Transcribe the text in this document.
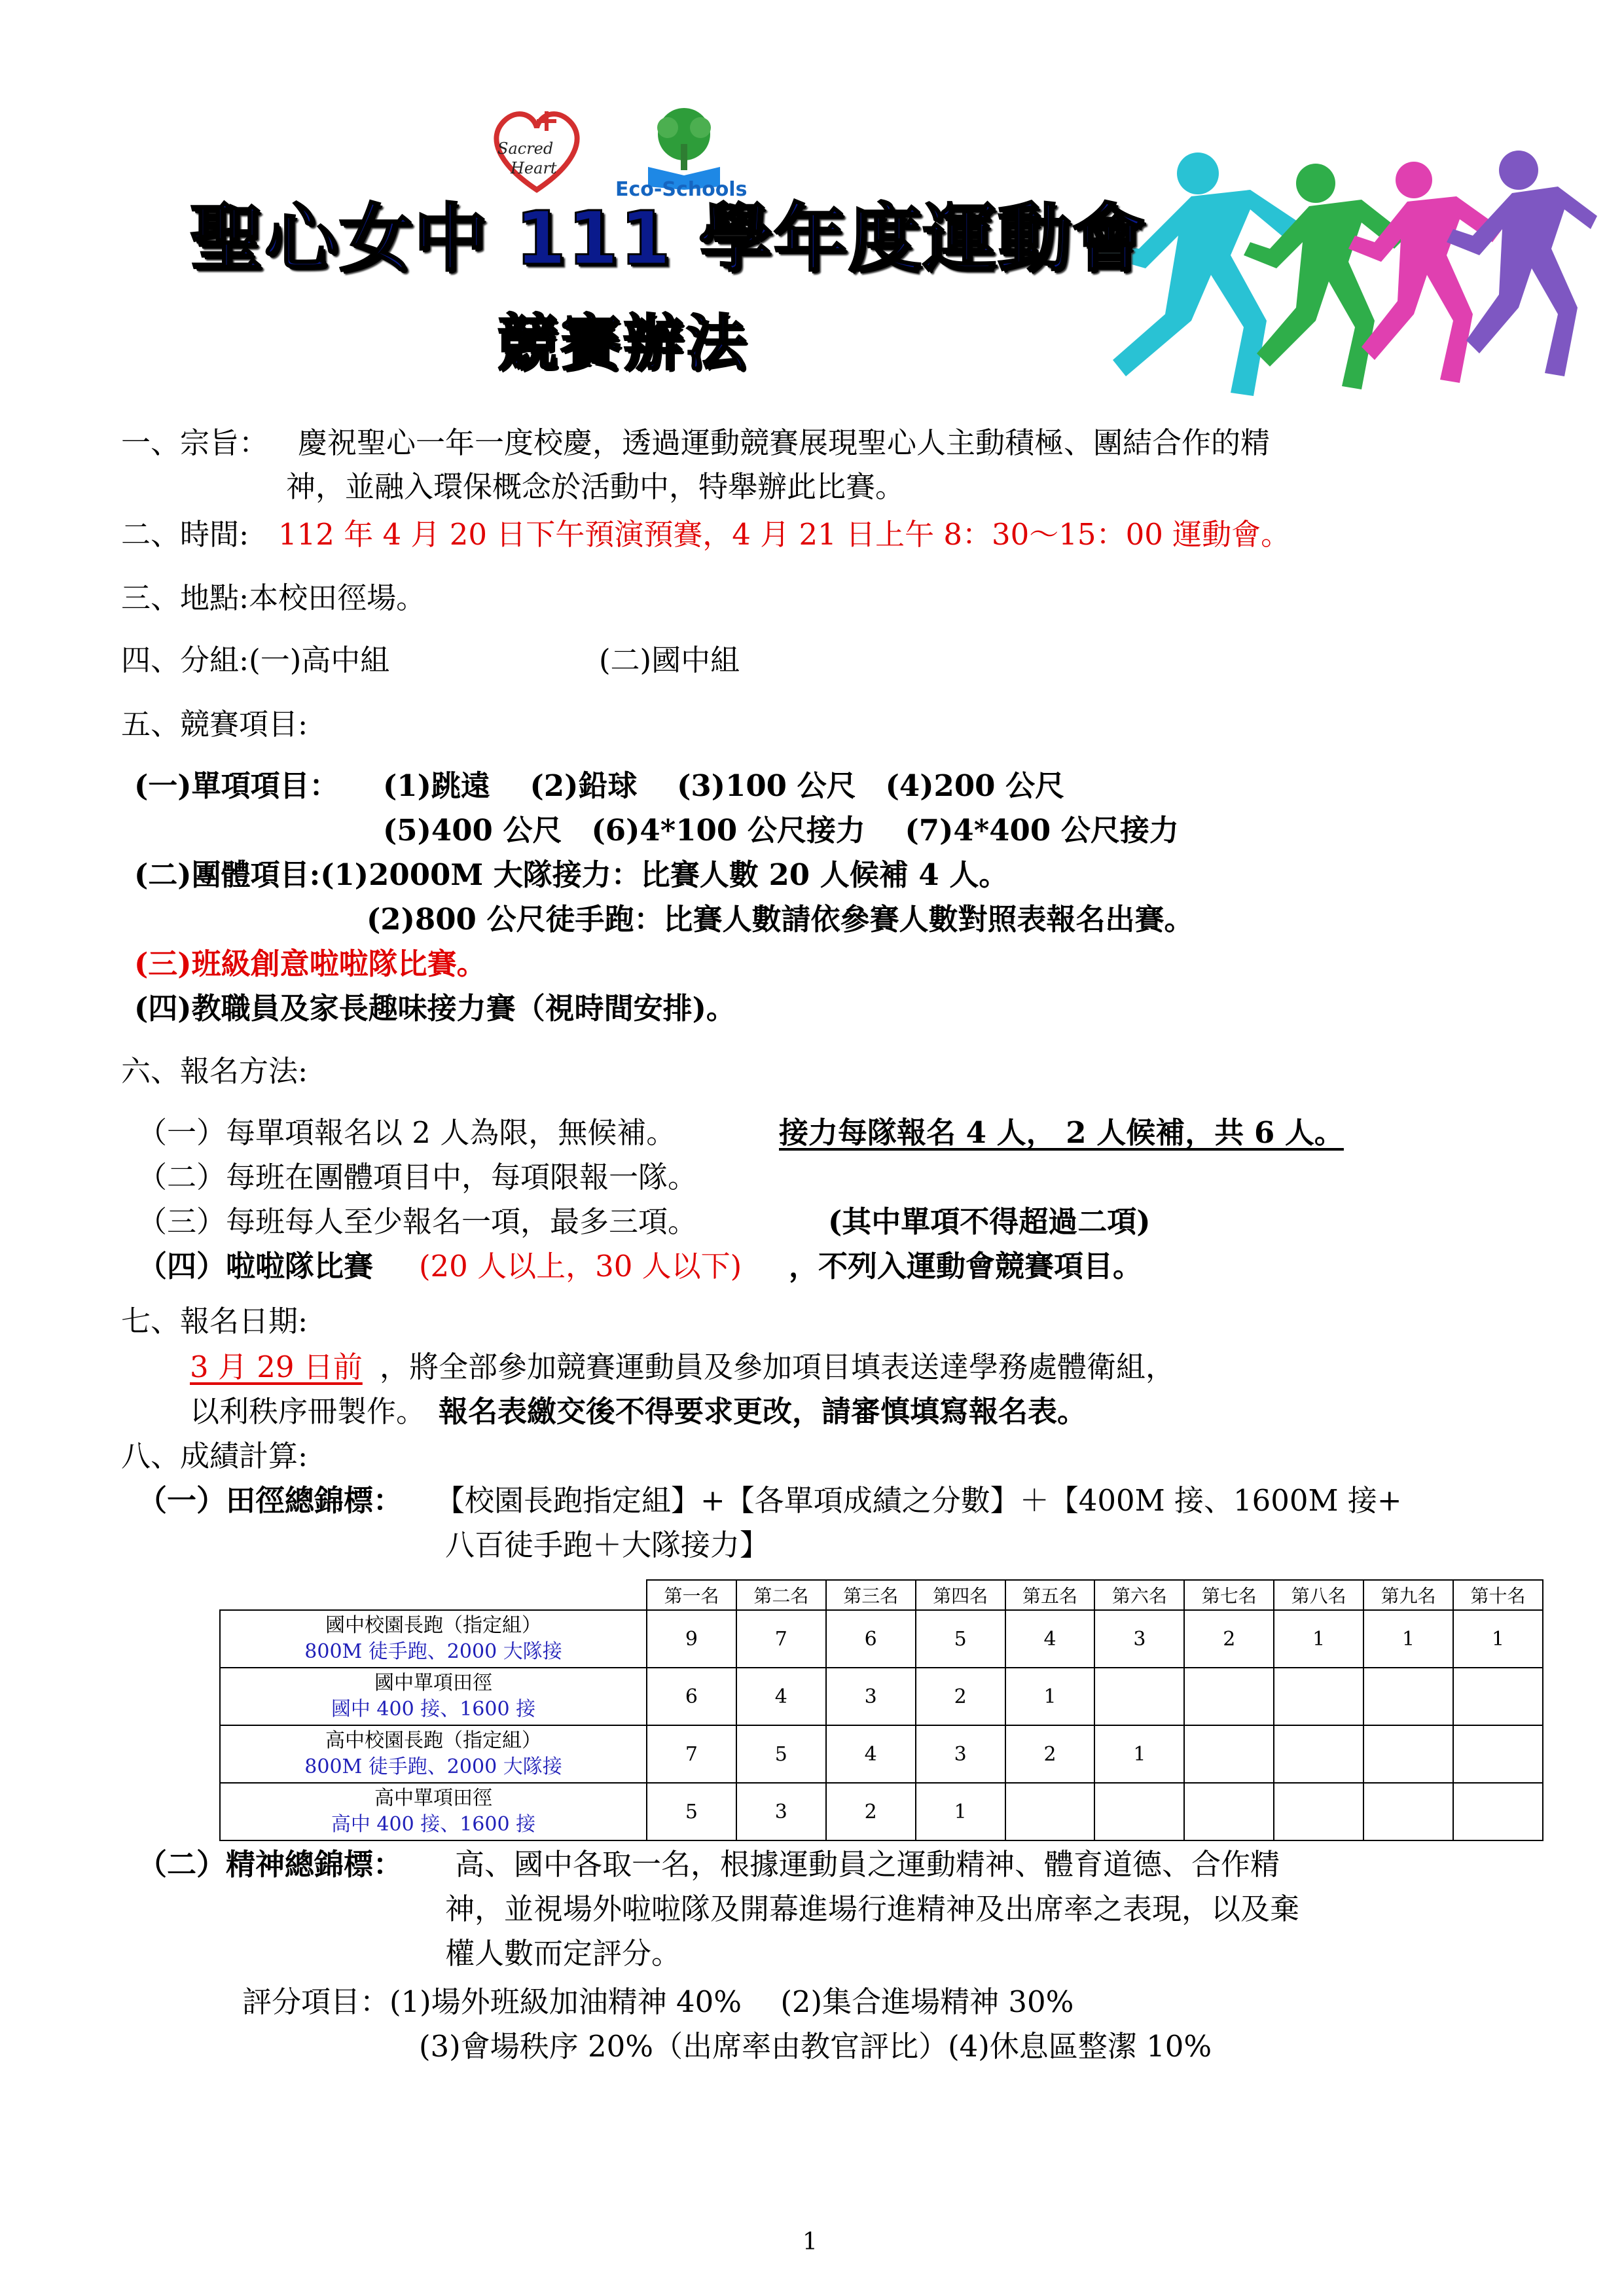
Sacred
Heart
Eco-Schools
聖心女中 111 學年度運動會
競賽辦法
一、宗旨： 慶祝聖心一年一度校慶，透過運動競賽展現聖心人主動積極、團結合作的精
神，並融入環保概念於活動中，特舉辦此比賽。
二、時間: 112 年 4 月 20 日下午預演預賽，4 月 21 日上午 8：30～15：00 運動會。
三、地點:本校田徑場。
四、分組:(一)高中組	(二)國中組
五、競賽項目:
(一)單項項目： (1)跳遠　 (2)鉛球　 (3)100 公尺　(4)200 公尺
(5)400 公尺　(6)4*100 公尺接力　 (7)4*400 公尺接力
(二)團體項目:(1)2000M 大隊接力：比賽人數 20 人候補 4 人。
(2)800 公尺徒手跑：比賽人數請依參賽人數對照表報名出賽。
(三)班級創意啦啦隊比賽。
(四)教職員及家長趣味接力賽（視時間安排)。
六、報名方法:
（一）每單項報名以 2 人為限，無候補。	接力每隊報名 4 人， 2 人候補，共 6 人。
（二）每班在團體項目中，每項限報一隊。
（三）每班每人至少報名一項，最多三項。	(其中單項不得超過二項)
（四）啦啦隊比賽 (20 人以上，30 人以下) ，不列入運動會競賽項目。
七、報名日期:
3 月 29 日前 ，將全部參加競賽運動員及參加項目填表送達學務處體衛組，
以利秩序冊製作。 報名表繳交後不得要求更改，請審慎填寫報名表。
八、成績計算:
（一）田徑總錦標： 【校園長跑指定組】+【各單項成績之分數】＋【400M 接、1600M 接+
八百徒手跑＋大隊接力】
	第一名	第二名	第三名	第四名	第五名	第六名	第七名	第八名	第九名	第十名

國中校園長跑（指定組）
800M 徒手跑、2000 大隊接	9	7	6	5	4	3	2	1	1	1

國中單項田徑
國中 400 接、1600 接	6	4	3	2	1					

高中校園長跑（指定組）
800M 徒手跑、2000 大隊接	7	5	4	3	2	1				

高中單項田徑
高中 400 接、1600 接	5	3	2	1						
（二）精神總錦標： 高、國中各取一名，根據運動員之運動精神、體育道德、合作精
神，並視場外啦啦隊及開幕進場行進精神及出席率之表現，以及棄
權人數而定評分。
評分項目：(1)場外班級加油精神 40%　 (2)集合進場精神 30%
(3)會場秩序 20%（出席率由教官評比）(4)休息區整潔 10%
1
